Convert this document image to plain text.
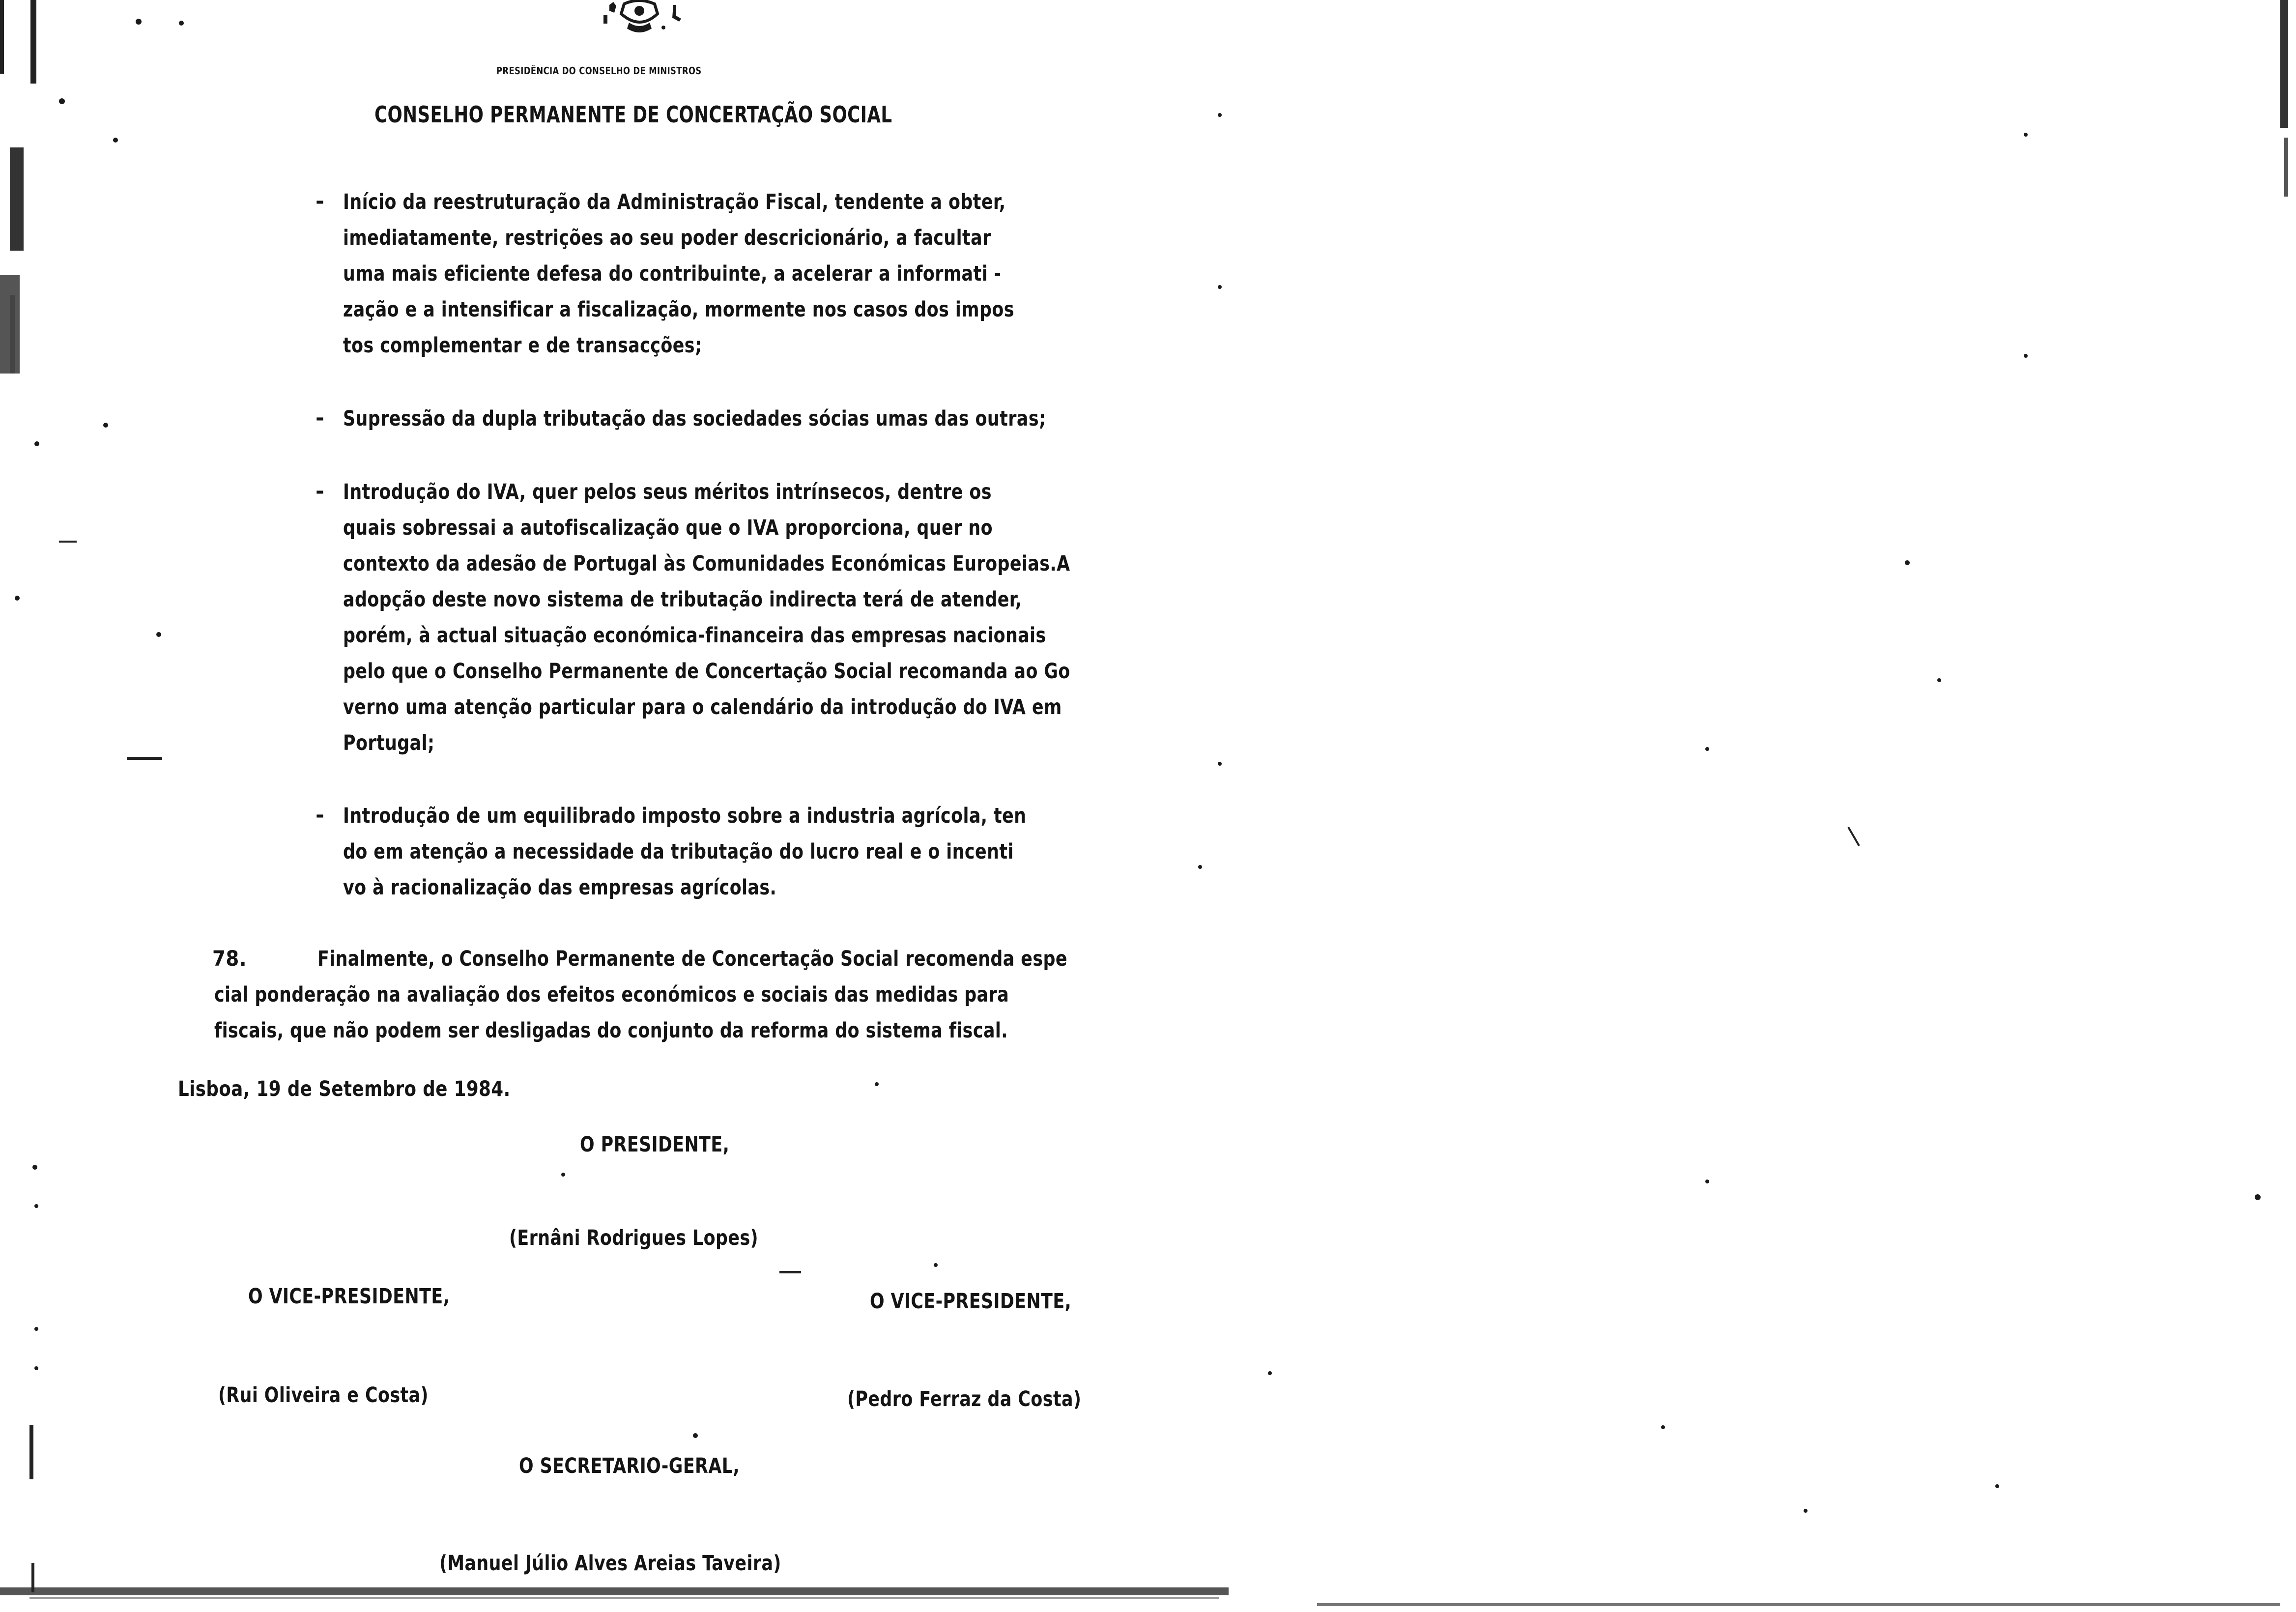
PRESIDÊNCIA DO CONSELHO DE MINISTROS
CONSELHO PERMANENTE DE CONCERTAÇÃO SOCIAL
- Início da reestruturação da Administração Fiscal, tendente a obter,
imediatamente, restrições ao seu poder descricionário, a facultar
uma mais eficiente defesa do contribuinte, a acelerar a informati -
zação e a intensificar a fiscalização, mormente nos casos dos impos
tos complementar e de transacções;
- Supressão da dupla tributação das sociedades sócias umas das outras;
- Introdução do IVA, quer pelos seus méritos intrínsecos, dentre os
quais sobressai a autofiscalização que o IVA proporciona, quer no
contexto da adesão de Portugal às Comunidades Económicas Europeias.A
adopção deste novo sistema de tributação indirecta terá de atender,
porém, à actual situação económica-financeira das empresas nacionais
pelo que o Conselho Permanente de Concertação Social recomanda ao Go
verno uma atenção particular para o calendário da introdução do IVA em
Portugal;
- Introdução de um equilibrado imposto sobre a industria agrícola, ten
do em atenção a necessidade da tributação do lucro real e o incenti
vo à racionalização das empresas agrícolas.
78.	Finalmente, o Conselho Permanente de Concertação Social recomenda espe
cial ponderação na avaliação dos efeitos económicos e sociais das medidas para
fiscais, que não podem ser desligadas do conjunto da reforma do sistema fiscal.
Lisboa, 19 de Setembro de 1984.
O PRESIDENTE,
(Ernâni Rodrigues Lopes)
O VICE-PRESIDENTE,	O VICE-PRESIDENTE,
(Rui Oliveira e Costa)	(Pedro Ferraz da Costa)
O SECRETARIO-GERAL,
(Manuel Júlio Alves Areias Taveira)
